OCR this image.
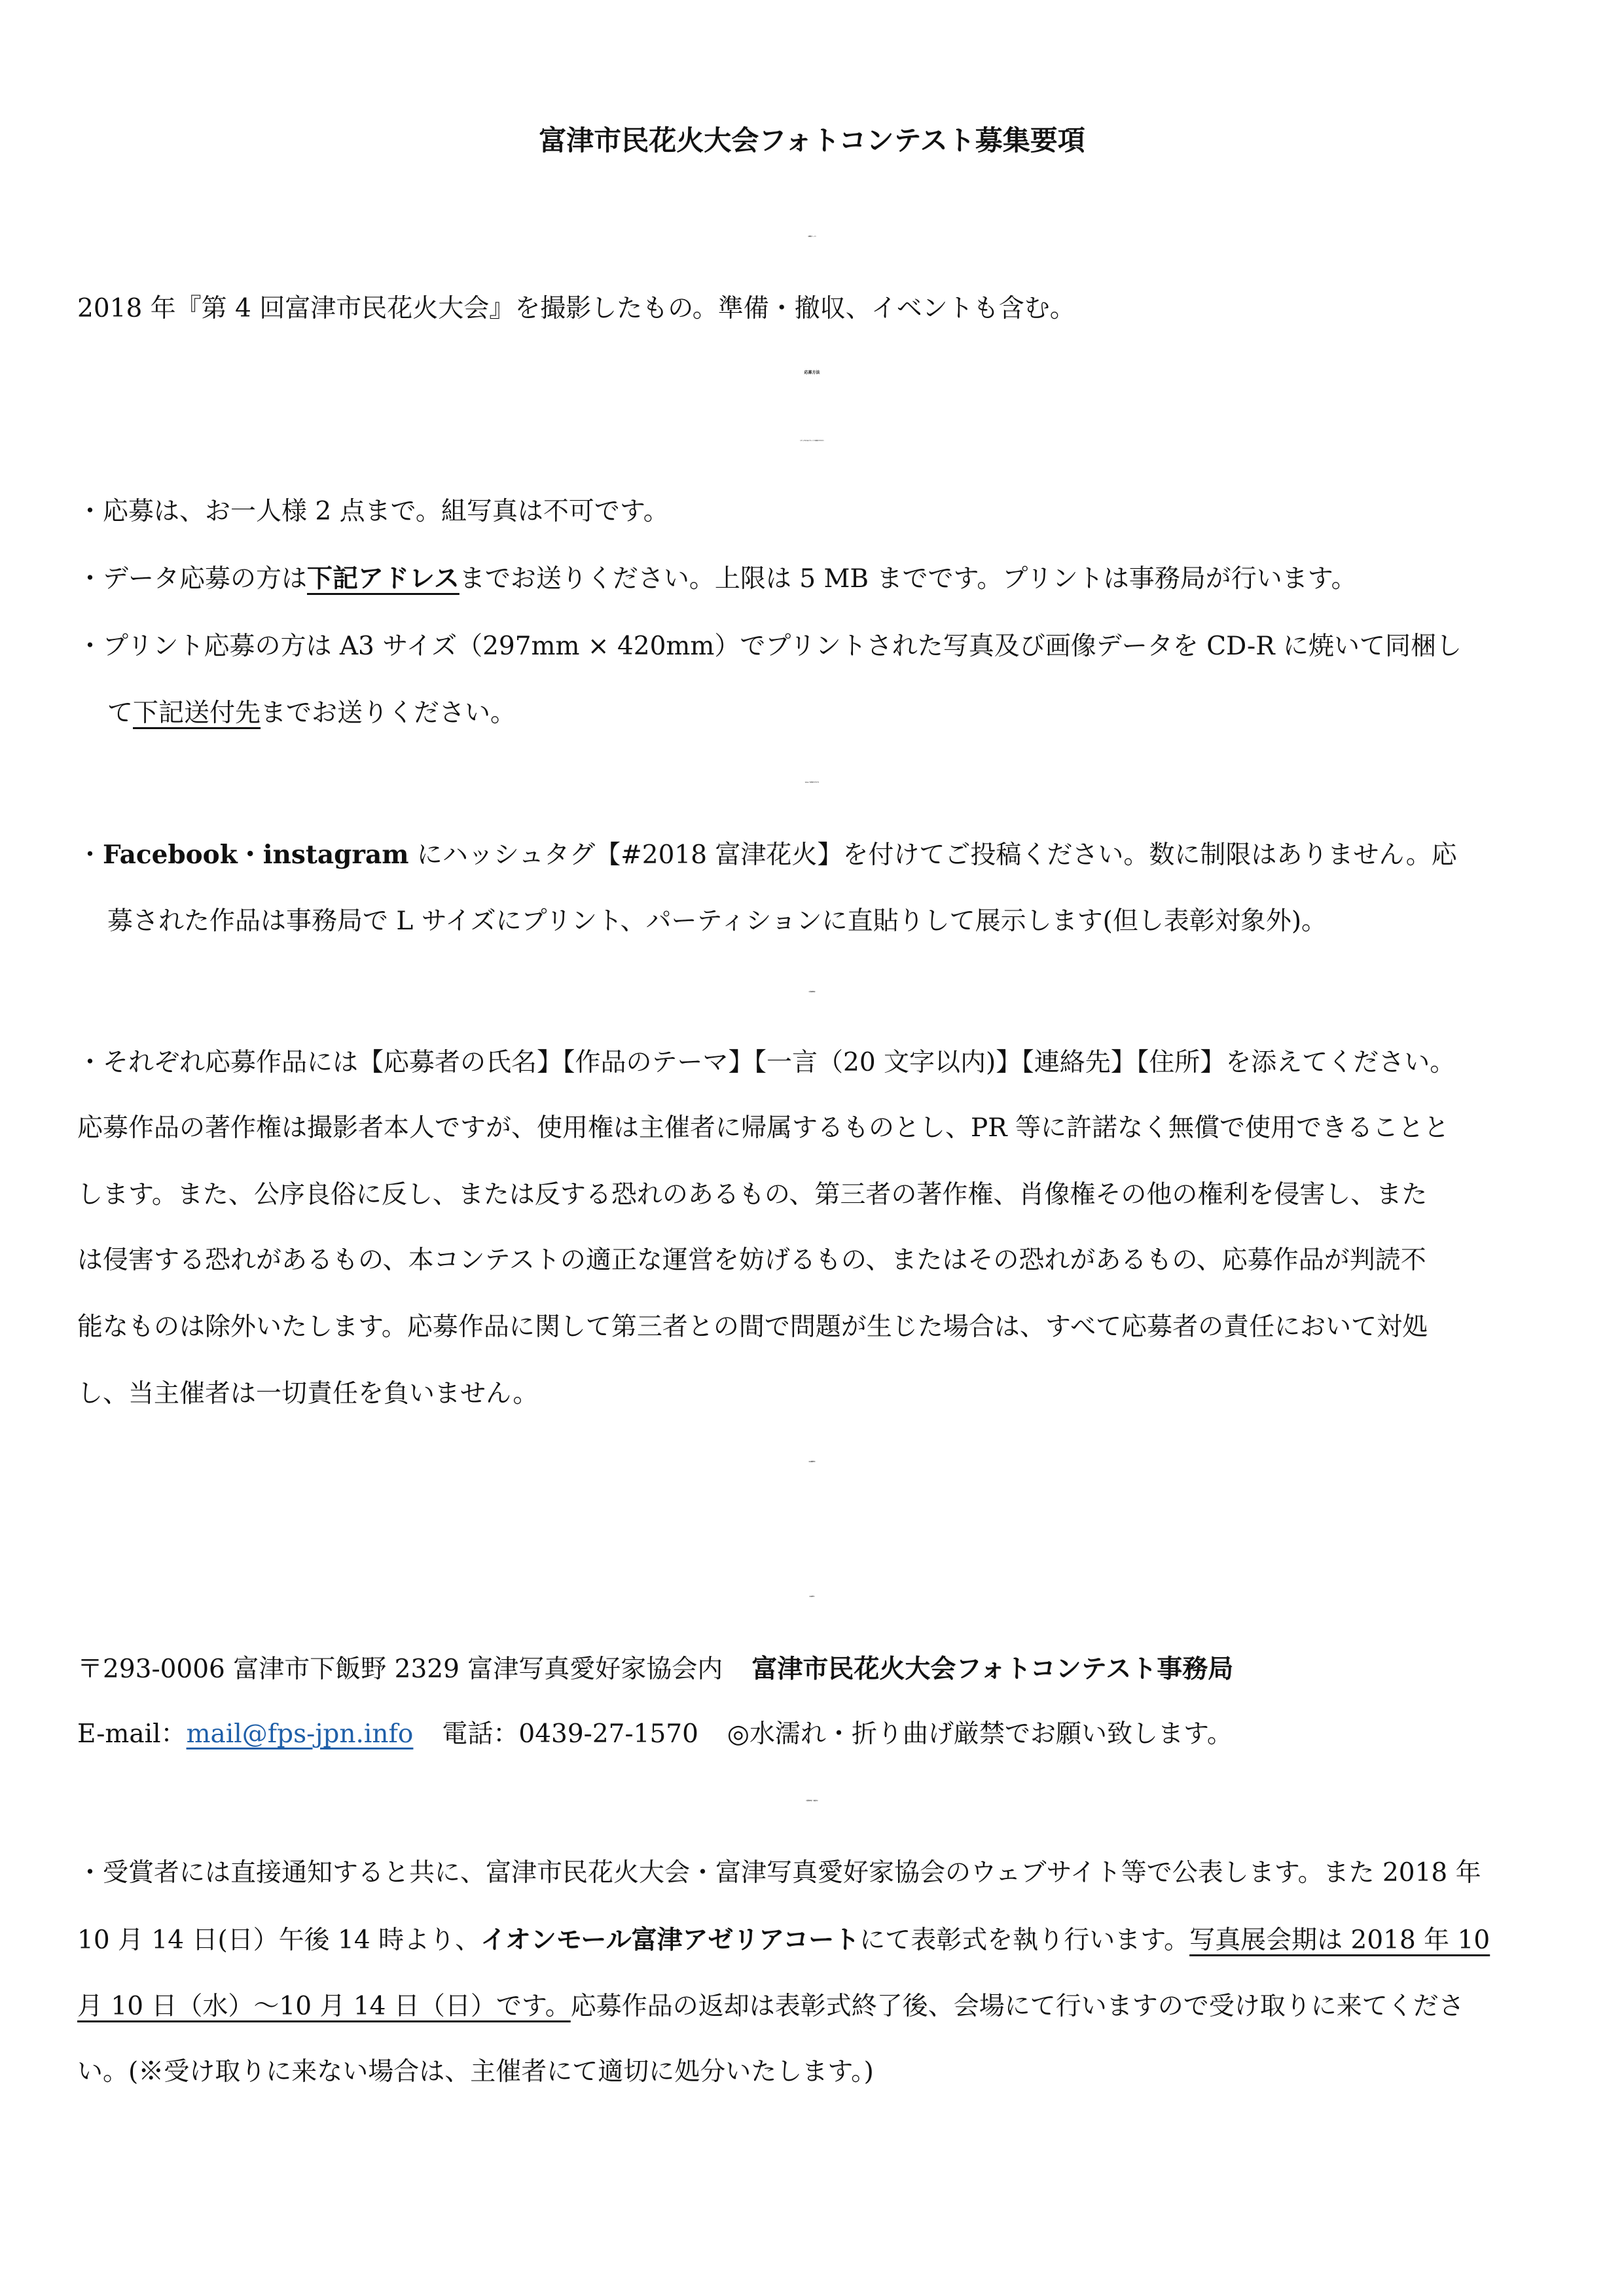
富津市民花火大会フォトコンテスト募集要項
《募集テーマ》
2018 年『第 4 回富津市民花火大会』を撮影したもの。準備・撤収、イベントも含む。
応募方法
《データまたはプリントで参加できます》
・応募は、お一人様 2 点まで。組写真は不可です。
・データ応募の方は下記アドレスまでお送りください。上限は 5 MB までです。プリントは事務局が行います。
・プリント応募の方は A3 サイズ（297mm × 420mm）でプリントされた写真及び画像データを CD-R に焼いて同梱し
て下記送付先までお送りください。
《SNS で参加できます》
・Facebook・instagram にハッシュタグ【#2018 富津花火】を付けてご投稿ください。数に制限はありません。応
募された作品は事務局で L サイズにプリント、パーティションに直貼りして展示します(但し表彰対象外)。
《共通事項》
・それぞれ応募作品には【応募者の氏名】【作品のテーマ】【一言（20 文字以内)】【連絡先】【住所】を添えてください。
応募作品の著作権は撮影者本人ですが、使用権は主催者に帰属するものとし、PR 等に許諾なく無償で使用できることと
します。また、公序良俗に反し、または反する恐れのあるもの、第三者の著作権、肖像権その他の権利を侵害し、また
は侵害する恐れがあるもの、本コンテストの適正な運営を妨げるもの、またはその恐れがあるもの、応募作品が判読不
能なものは除外いたします。応募作品に関して第三者との間で問題が生じた場合は、すべて応募者の責任において対処
し、当主催者は一切責任を負いません。
《応募締切》
《応募先》
〒293-0006 富津市下飯野 2329 富津写真愛好家協会内 富津市民花火大会フォトコンテスト事務局
E-mail：mail@fps-jpn.info 電話：0439-27-1570 ◎水濡れ・折り曲げ厳禁でお願い致します。
《受賞発表・表彰式》
・受賞者には直接通知すると共に、富津市民花火大会・富津写真愛好家協会のウェブサイト等で公表します。また 2018 年
10 月 14 日(日）午後 14 時より、イオンモール富津アゼリアコートにて表彰式を執り行います。写真展会期は 2018 年 10
月 10 日（水）～10 月 14 日（日）です。応募作品の返却は表彰式終了後、会場にて行いますので受け取りに来てくださ
い。(※受け取りに来ない場合は、主催者にて適切に処分いたします。)
